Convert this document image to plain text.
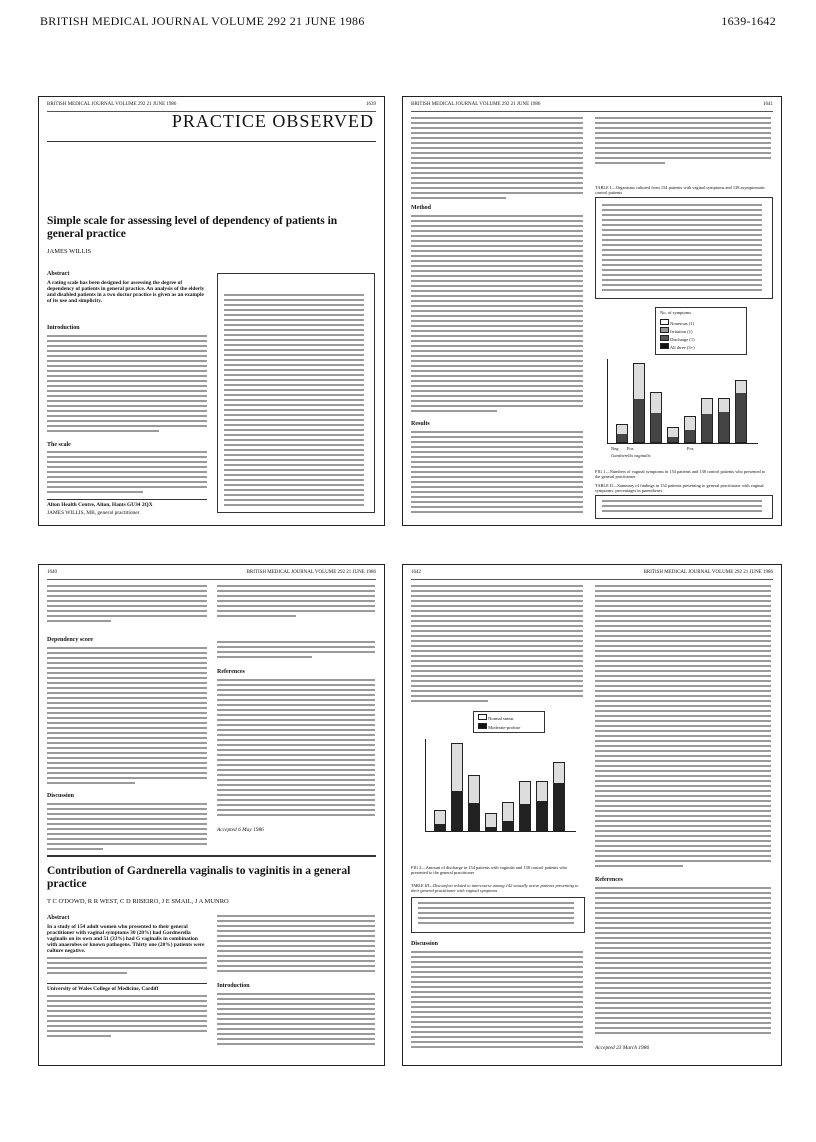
BRITISH MEDICAL JOURNAL VOLUME 292 21 JUNE 1986	1639-1642
BRITISH MEDICAL JOURNAL VOLUME 292 21 JUNE 1986	1639
PRACTICE OBSERVED
Simple scale for assessing level of dependency of patients in general practice
JAMES WILLIS
Abstract
A rating scale has been designed for assessing the degree of dependency of patients in general practice. An analysis of the elderly and disabled patients in a two doctor practice is given as an example of its use and simplicity.
Introduction
The scale
Alton Health Centre, Alton, Hants GU34 2QX
JAMES WILLIS, MB, general practitioner
BRITISH MEDICAL JOURNAL VOLUME 292 21 JUNE 1986	1641
Method
Results
TABLE I—Organisms cultured from 154 patients with vaginal symptoms and 138 asymptomatic control patients
No. of symptoms
Nonerous (1)
Irritation (1)
Discharge (1)
All three (3+)
Neg Pos
Gardnerella vaginalis
Pos
FIG 1—Numbers of vaginal symptoms in 154 patients and 138 control patients who presented to the general practitioner
TABLE II—Summary of findings in 154 patients presenting to general practitioner with vaginal symptoms: percentages in parentheses
1640	BRITISH MEDICAL JOURNAL VOLUME 292 21 JUNE 1986
Dependency score
Discussion
References
Accepted 6 May 1986
Contribution of Gardnerella vaginalis to vaginitis in a general practice
T C O'DOWD, R R WEST, C D RIBEIRO, J E SMAIL, J A MUNRO
Abstract
In a study of 154 adult women who presented to their general practitioner with vaginal symptoms 30 (20%) had Gardnerella vaginalis on its own and 51 (33%) had G vaginalis in combination with anaerobes or known pathogens. Thirty one (20%) patients were culture negative.
University of Wales College of Medicine, Cardiff	Introduction
1642	BRITISH MEDICAL JOURNAL VOLUME 292 21 JUNE 1986
Normal smear
Moderate-profuse
FIG 2—Amount of discharge in 154 patients with vaginitis and 138 control patients who presented to the general practitioner
TABLE III—Discomfort related to intercourse among 142 sexually active patients presenting to their general practitioner with vaginal symptoms
Discussion
References
Accepted 23 March 1986
